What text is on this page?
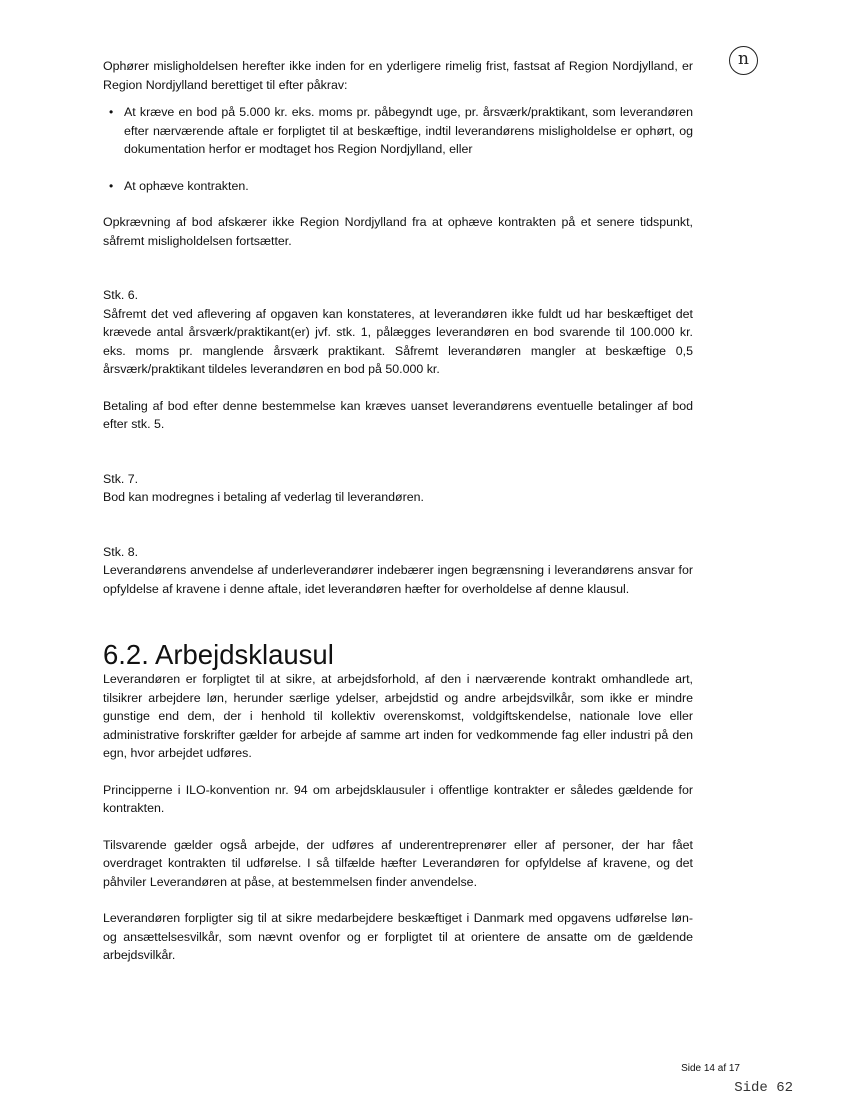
n

Ophører misligholdelsen herefter ikke inden for en yderligere rimelig frist, fastsat af Region Nordjylland, er Region Nordjylland berettiget til efter påkrav:

• At kræve en bod på 5.000 kr. eks. moms pr. påbegyndt uge, pr. årsværk/praktikant, som leverandøren efter nærværende aftale er forpligtet til at beskæftige, indtil leverandørens misligholdelse er ophørt, og dokumentation herfor er modtaget hos Region Nordjylland, eller
• At ophæve kontrakten.

Opkrævning af bod afskærer ikke Region Nordjylland fra at ophæve kontrakten på et senere tidspunkt, såfremt misligholdelsen fortsætter.

Stk. 6.

Såfremt det ved aflevering af opgaven kan konstateres, at leverandøren ikke fuldt ud har beskæftiget det krævede antal årsværk/praktikant(er) jvf. stk. 1, pålægges leverandøren en bod svarende til 100.000 kr. eks. moms pr. manglende årsværk praktikant. Såfremt leverandøren mangler at beskæftige 0,5 årsværk/praktikant tildeles leverandøren en bod på 50.000 kr.

Betaling af bod efter denne bestemmelse kan kræves uanset leverandørens eventuelle betalinger af bod efter stk. 5.

Stk. 7.

Bod kan modregnes i betaling af vederlag til leverandøren.

Stk. 8.

Leverandørens anvendelse af underleverandører indebærer ingen begrænsning i leverandørens ansvar for opfyldelse af kravene i denne aftale, idet leverandøren hæfter for overholdelse af denne klausul.

6.2. Arbejdsklausul

Leverandøren er forpligtet til at sikre, at arbejdsforhold, af den i nærværende kontrakt omhandlede art, tilsikrer arbejdere løn, herunder særlige ydelser, arbejdstid og andre arbejdsvilkår, som ikke er mindre gunstige end dem, der i henhold til kollektiv overenskomst, voldgiftskendelse, nationale love eller administrative forskrifter gælder for arbejde af samme art inden for vedkommende fag eller industri på den egn, hvor arbejdet udføres.

Principperne i ILO-konvention nr. 94 om arbejdsklausuler i offentlige kontrakter er således gældende for kontrakten.

Tilsvarende gælder også arbejde, der udføres af underentreprenører eller af personer, der har fået overdraget kontrakten til udførelse. I så tilfælde hæfter Leverandøren for opfyldelse af kravene, og det påhviler Leverandøren at påse, at bestemmelsen finder anvendelse.

Leverandøren forpligter sig til at sikre medarbejdere beskæftiget i Danmark med opgavens udførelse løn- og ansættelsesvilkår, som nævnt ovenfor og er forpligtet til at orientere de ansatte om de gældende arbejdsvilkår.

Side 14 af 17
Side 62
